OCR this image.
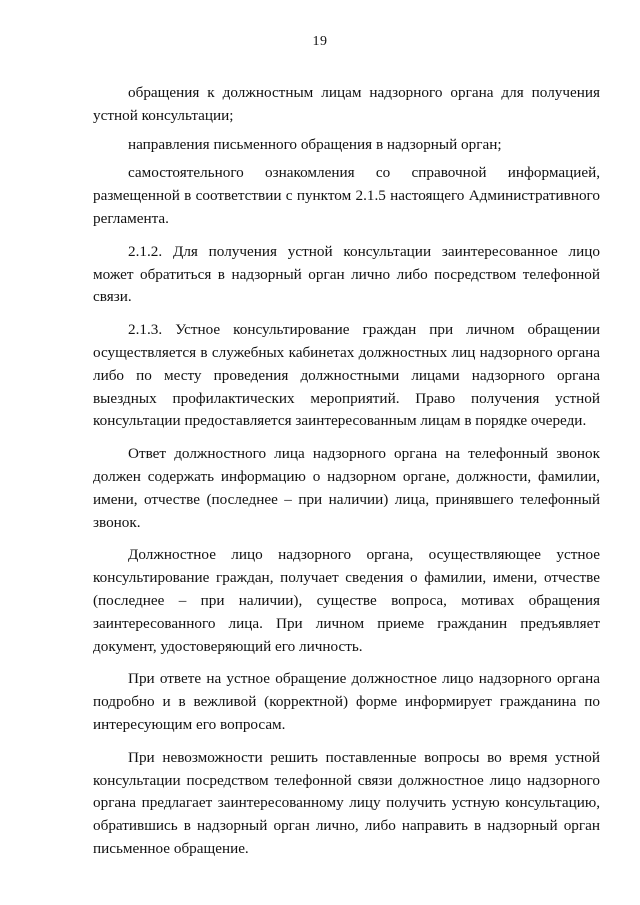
19

обращения к должностным лицам надзорного органа для получения устной консультации;

направления письменного обращения в надзорный орган;

самостоятельного ознакомления со справочной информацией, размещенной в соответствии с пунктом 2.1.5 настоящего Административного регламента.

2.1.2. Для получения устной консультации заинтересованное лицо может обратиться в надзорный орган лично либо посредством телефонной связи.

2.1.3. Устное консультирование граждан при личном обращении осуществляется в служебных кабинетах должностных лиц надзорного органа либо по месту проведения должностными лицами надзорного органа выездных профилактических мероприятий. Право получения устной консультации предоставляется заинтересованным лицам в порядке очереди.

Ответ должностного лица надзорного органа на телефонный звонок должен содержать информацию о надзорном органе, должности, фамилии, имени, отчестве (последнее – при наличии) лица, принявшего телефонный звонок.

Должностное лицо надзорного органа, осуществляющее устное консультирование граждан, получает сведения о фамилии, имени, отчестве (последнее – при наличии), существе вопроса, мотивах обращения заинтересованного лица. При личном приеме гражданин предъявляет документ, удостоверяющий его личность.

При ответе на устное обращение должностное лицо надзорного органа подробно и в вежливой (корректной) форме информирует гражданина по интересующим его вопросам.

При невозможности решить поставленные вопросы во время устной консультации посредством телефонной связи должностное лицо надзорного органа предлагает заинтересованному лицу получить устную консультацию, обратившись в надзорный орган лично, либо направить в надзорный орган письменное обращение.
